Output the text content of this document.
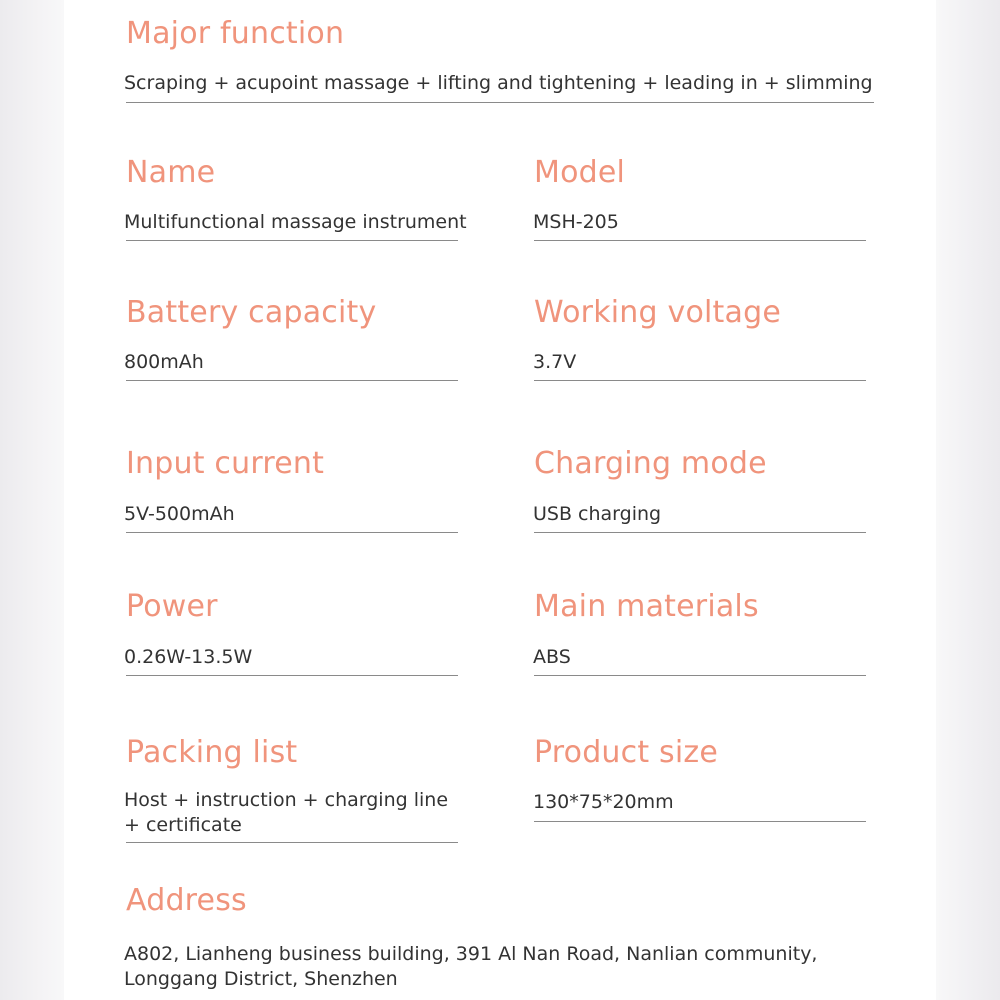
Major function
Scraping + acupoint massage + lifting and tightening + leading in + slimming
Name
Multifunctional massage instrument
Model
MSH-205
Battery capacity
800mAh
Working voltage
3.7V
Input current
5V-500mAh
Charging mode
USB charging
Power
0.26W-13.5W
Main materials
ABS
Packing list
Host + instruction + charging line
+ certificate
Product size
130*75*20mm
Address
A802, Lianheng business building, 391 Al Nan Road, Nanlian community,
Longgang District, Shenzhen
